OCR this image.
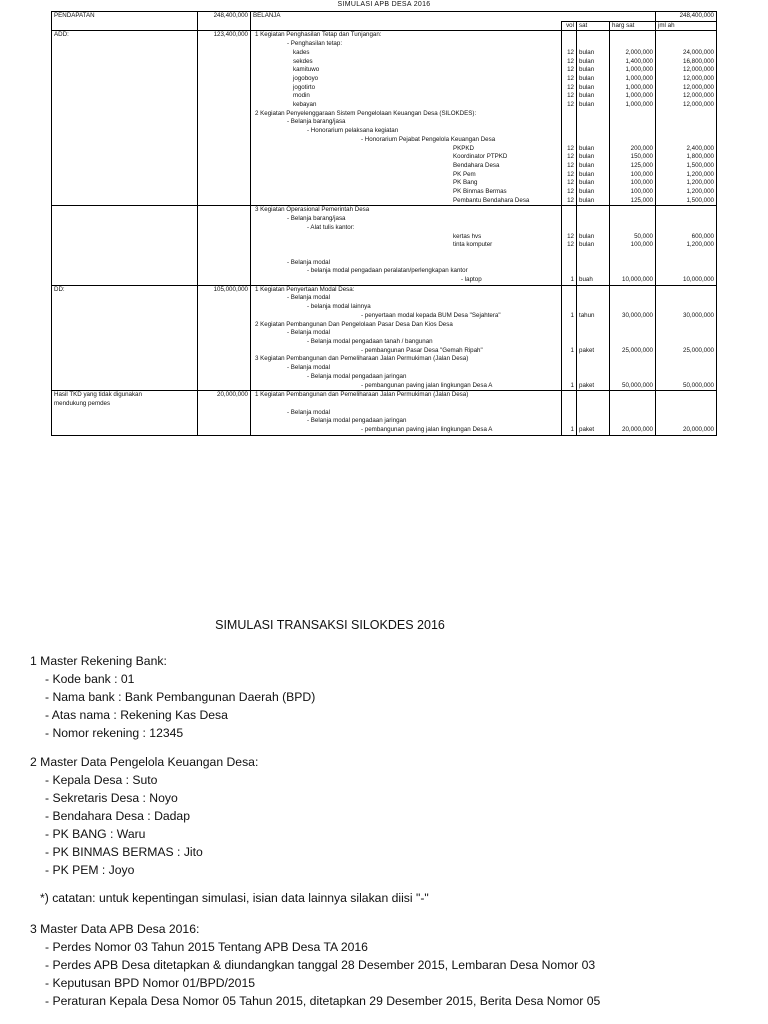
SIMULASI APB DESA 2016
PENDAPATAN	248,400,000	BELANJA				248,400,000
			vol	sat	harg sat	jml ah
ADD:	123,400,000	1 Kegiatan Penghasilan Tetap dan Tunjangan:				
		- Penghasilan tetap:				
		kades	12	bulan	2,000,000	24,000,000
		sekdes	12	bulan	1,400,000	16,800,000
		kamituwo	12	bulan	1,000,000	12,000,000
		jogoboyo	12	bulan	1,000,000	12,000,000
		jogotirto	12	bulan	1,000,000	12,000,000
		modin	12	bulan	1,000,000	12,000,000
		kebayan	12	bulan	1,000,000	12,000,000
		2 Kegiatan Penyelenggaraan Sistem Pengelolaan Keuangan Desa (SILOKDES):				
		- Belanja barang/jasa				
		- Honorarium pelaksana kegiatan				
		- Honorarium Pejabat Pengelola Keuangan Desa				
		PKPKD	12	bulan	200,000	2,400,000
		Koordinator PTPKD	12	bulan	150,000	1,800,000
		Bendahara Desa	12	bulan	125,000	1,500,000
		PK Pem	12	bulan	100,000	1,200,000
		PK Bang	12	bulan	100,000	1,200,000
		PK Binmas Bermas	12	bulan	100,000	1,200,000
		Pembantu Bendahara Desa	12	bulan	125,000	1,500,000
		3 Kegiatan Operasional Pemerintah Desa				
		- Belanja barang/jasa				
		- Alat tulis kantor:				
		kertas hvs	12	bulan	50,000	600,000
		tinta komputer	12	bulan	100,000	1,200,000

		- Belanja modal				
		- belanja modal pengadaan peralatan/perlengkapan kantor				
		- laptop	1	buah	10,000,000	10,000,000
DD:	105,000,000	1 Kegiatan Penyertaan Modal Desa:				
		- Belanja modal				
		- belanja modal lainnya				
		- penyertaan modal kepada BUM Desa "Sejahtera"	1	tahun	30,000,000	30,000,000
		2 Kegiatan Pembangunan Dan Pengelolaan Pasar Desa Dan Kios Desa				
		- Belanja modal				
		- Belanja modal pengadaan tanah / bangunan				
		- pembangunan Pasar Desa "Gemah Ripah"	1	paket	25,000,000	25,000,000
		3 Kegiatan Pembangunan dan Pemeliharaan Jalan Permukiman (Jalan Desa)				
		- Belanja modal				
		- Belanja modal pengadaan jaringan				
		- pembangunan paving jalan lingkungan Desa A	1	paket	50,000,000	50,000,000
Hasil TKD yang tidak digunakan	20,000,000	1 Kegiatan Pembangunan dan Pemeliharaan Jalan Permukiman (Jalan Desa)				
mendukung pemdes						
		- Belanja modal				
		- Belanja modal pengadaan jaringan				
		- pembangunan paving jalan lingkungan Desa A	1	paket	20,000,000	20,000,000
SIMULASI TRANSAKSI SILOKDES 2016
1 Master Rekening Bank:
- Kode bank : 01
- Nama bank : Bank Pembangunan Daerah (BPD)
- Atas nama : Rekening Kas Desa
- Nomor rekening : 12345
2 Master Data Pengelola Keuangan Desa:
- Kepala Desa : Suto
- Sekretaris Desa : Noyo
- Bendahara Desa : Dadap
- PK BANG : Waru
- PK BINMAS BERMAS : Jito
- PK PEM : Joyo
*) catatan: untuk kepentingan simulasi, isian data lainnya silakan diisi "-"
3 Master Data APB Desa 2016:
- Perdes Nomor 03 Tahun 2015 Tentang APB Desa TA 2016
- Perdes APB Desa ditetapkan & diundangkan tanggal 28 Desember 2015, Lembaran Desa Nomor 03
- Keputusan BPD Nomor 01/BPD/2015
- Peraturan Kepala Desa Nomor 05 Tahun 2015, ditetapkan 29 Desember 2015, Berita Desa Nomor 05
